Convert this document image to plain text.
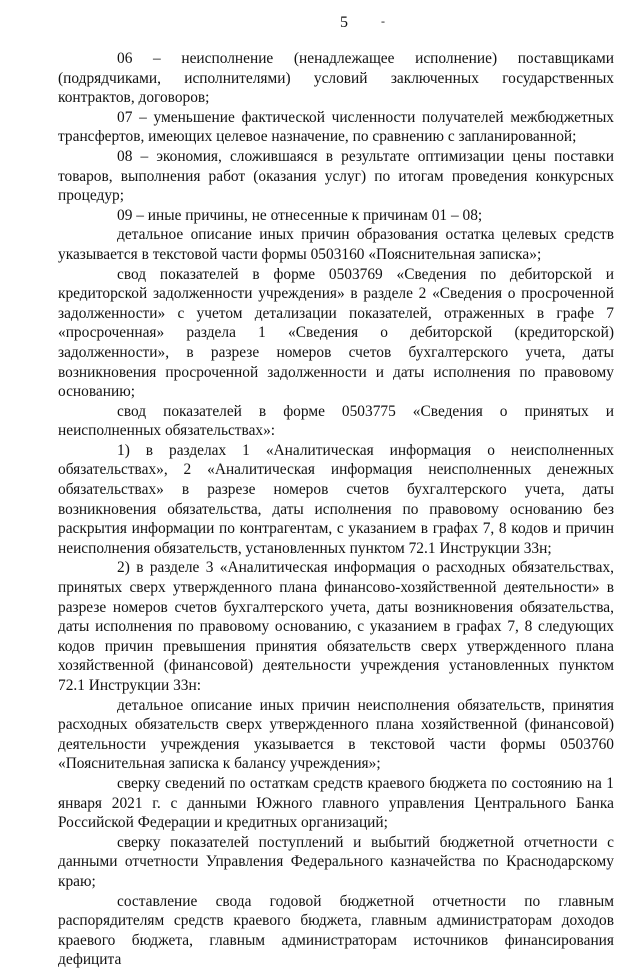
5	-

06 – неисполнение (ненадлежащее исполнение) поставщиками (подрядчиками, исполнителями) условий заключенных государственных контрактов, договоров;

07 – уменьшение фактической численности получателей межбюджетных трансфертов, имеющих целевое назначение, по сравнению с запланированной;

08 – экономия, сложившаяся в результате оптимизации цены поставки товаров, выполнения работ (оказания услуг) по итогам проведения конкурсных процедур;

09 – иные причины, не отнесенные к причинам 01 – 08;

детальное описание иных причин образования остатка целевых средств указывается в текстовой части формы 0503160 «Пояснительная записка»;

свод показателей в форме 0503769 «Сведения по дебиторской и кредиторской задолженности учреждения» в разделе 2 «Сведения о просроченной задолженности» с учетом детализации показателей, отраженных в графе 7 «просроченная» раздела 1 «Сведения о дебиторской (кредиторской) задолженности», в разрезе номеров счетов бухгалтерского учета, даты возникновения просроченной задолженности и даты исполнения по правовому основанию;

свод показателей в форме 0503775 «Сведения о принятых и неисполненных обязательствах»:

1) в разделах 1 «Аналитическая информация о неисполненных обязательствах», 2 «Аналитическая информация неисполненных денежных обязательствах» в разрезе номеров счетов бухгалтерского учета, даты возникновения обязательства, даты исполнения по правовому основанию без раскрытия информации по контрагентам, с указанием в графах 7, 8 кодов и причин неисполнения обязательств, установленных пунктом 72.1 Инструкции 33н;

2) в разделе 3 «Аналитическая информация о расходных обязательствах, принятых сверх утвержденного плана финансово-хозяйственной деятельности» в разрезе номеров счетов бухгалтерского учета, даты возникновения обязательства, даты исполнения по правовому основанию, с указанием в графах 7, 8 следующих кодов причин превышения принятия обязательств сверх утвержденного плана хозяйственной (финансовой) деятельности учреждения установленных пунктом 72.1 Инструкции 33н:

детальное описание иных причин неисполнения обязательств, принятия расходных обязательств сверх утвержденного плана хозяйственной (финансовой) деятельности учреждения указывается в текстовой части формы 0503760 «Пояснительная записка к балансу учреждения»;

сверку сведений по остаткам средств краевого бюджета по состоянию на 1 января 2021 г. с данными Южного главного управления Центрального Банка Российской Федерации и кредитных организаций;

сверку показателей поступлений и выбытий бюджетной отчетности с данными отчетности Управления Федерального казначейства по Краснодарскому краю;

составление свода годовой бюджетной отчетности по главным распорядителям средств краевого бюджета, главным администраторам доходов краевого бюджета, главным администраторам источников финансирования дефицита
